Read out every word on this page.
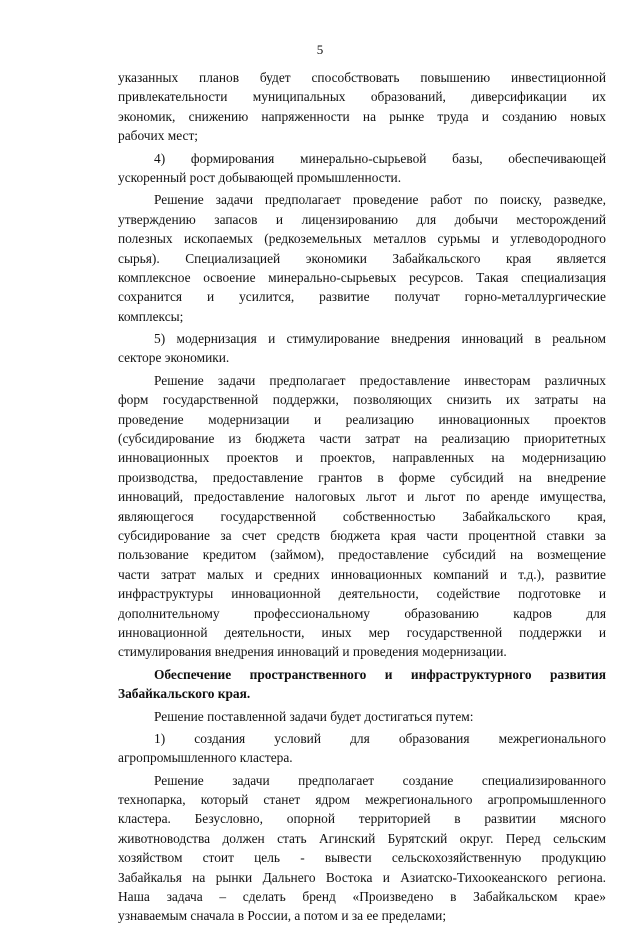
5
указанных планов будет способствовать повышению инвестиционной
привлекательности муниципальных образований, диверсификации их
экономик, снижению напряженности на рынке труда и созданию новых
рабочих мест;
4) формирования минерально-сырьевой базы, обеспечивающей
ускоренный рост добывающей промышленности.
Решение задачи предполагает проведение работ по поиску, разведке,
утверждению запасов и лицензированию для добычи месторождений
полезных ископаемых (редкоземельных металлов сурьмы и углеводородного
сырья). Специализацией экономики Забайкальского края является
комплексное освоение минерально-сырьевых ресурсов. Такая специализация
сохранится и усилится, развитие получат горно-металлургические
комплексы;
5) модернизация и стимулирование внедрения инноваций в реальном
секторе экономики.
Решение задачи предполагает предоставление инвесторам различных
форм государственной поддержки, позволяющих снизить их затраты на
проведение модернизации и реализацию инновационных проектов
(субсидирование из бюджета части затрат на реализацию приоритетных
инновационных проектов и проектов, направленных на модернизацию
производства, предоставление грантов в форме субсидий на внедрение
инноваций, предоставление налоговых льгот и льгот по аренде имущества,
являющегося государственной собственностью Забайкальского края,
субсидирование за счет средств бюджета края части процентной ставки за
пользование кредитом (займом), предоставление субсидий на возмещение
части затрат малых и средних инновационных компаний и т.д.), развитие
инфраструктуры инновационной деятельности, содействие подготовке и
дополнительному профессиональному образованию кадров для
инновационной деятельности, иных мер государственной поддержки и
стимулирования внедрения инноваций и проведения модернизации.
Обеспечение пространственного и инфраструктурного развития
Забайкальского края.
Решение поставленной задачи будет достигаться путем:
1) создания условий для образования межрегионального
агропромышленного кластера.
Решение задачи предполагает создание специализированного
технопарка, который станет ядром межрегионального агропромышленного
кластера. Безусловно, опорной территорией в развитии мясного
животноводства должен стать Агинский Бурятский округ. Перед сельским
хозяйством стоит цель - вывести сельскохозяйственную продукцию
Забайкалья на рынки Дальнего Востока и Азиатско-Тихоокеанского региона.
Наша задача – сделать бренд «Произведено в Забайкальском крае»
узнаваемым сначала в России, а потом и за ее пределами;
